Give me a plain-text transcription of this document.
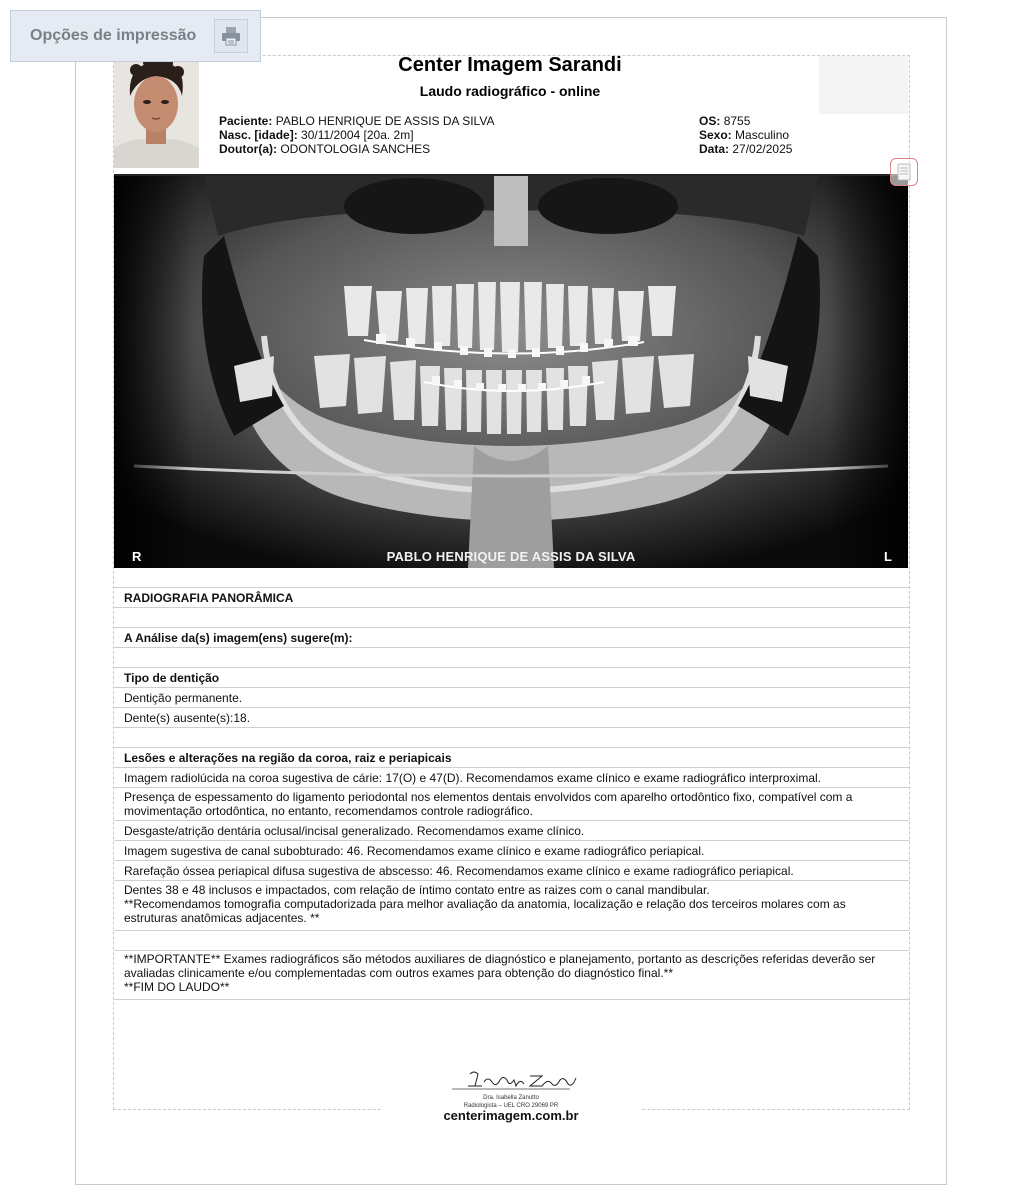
Opções de impressão
Center Imagem Sarandi
Laudo radiográfico - online
Paciente: PABLO HENRIQUE DE ASSIS DA SILVA
Nasc. [idade]: 30/11/2004 [20a. 2m]
Doutor(a): ODONTOLOGIA SANCHES
OS: 8755
Sexo: Masculino
Data: 27/02/2025
R	PABLO HENRIQUE DE ASSIS DA SILVA	L
RADIOGRAFIA PANORÂMICA
A Análise da(s) imagem(ens) sugere(m):
Tipo de dentição
Dentição permanente.
Dente(s) ausente(s):18.
Lesões e alterações na região da coroa, raiz e periapicais
Imagem radiolúcida na coroa sugestiva de cárie: 17(O) e 47(D). Recomendamos exame clínico e exame radiográfico interproximal.
Presença de espessamento do ligamento periodontal nos elementos dentais envolvidos com aparelho ortodôntico fixo, compatível com a movimentação ortodôntica, no entanto, recomendamos controle radiográfico.
Desgaste/atrição dentária oclusal/incisal generalizado. Recomendamos exame clínico.
Imagem sugestiva de canal subobturado: 46. Recomendamos exame clínico e exame radiográfico periapical.
Rarefação óssea periapical difusa sugestiva de abscesso: 46. Recomendamos exame clínico e exame radiográfico periapical.
Dentes 38 e 48 inclusos e impactados, com relação de íntimo contato entre as raizes com o canal mandibular.
**Recomendamos tomografia computadorizada para melhor avaliação da anatomia, localização e relação dos terceiros molares com as estruturas anatômicas adjacentes. **
**IMPORTANTE** Exames radiográficos são métodos auxiliares de diagnóstico e planejamento, portanto as descrições referidas deverão ser avaliadas clinicamente e/ou complementadas com outros exames para obtenção do diagnóstico final.**
**FIM DO LAUDO**
Dra. Isabella Zanutto
Radiologista – UEL CRO 29069 PR
centerimagem.com.br
